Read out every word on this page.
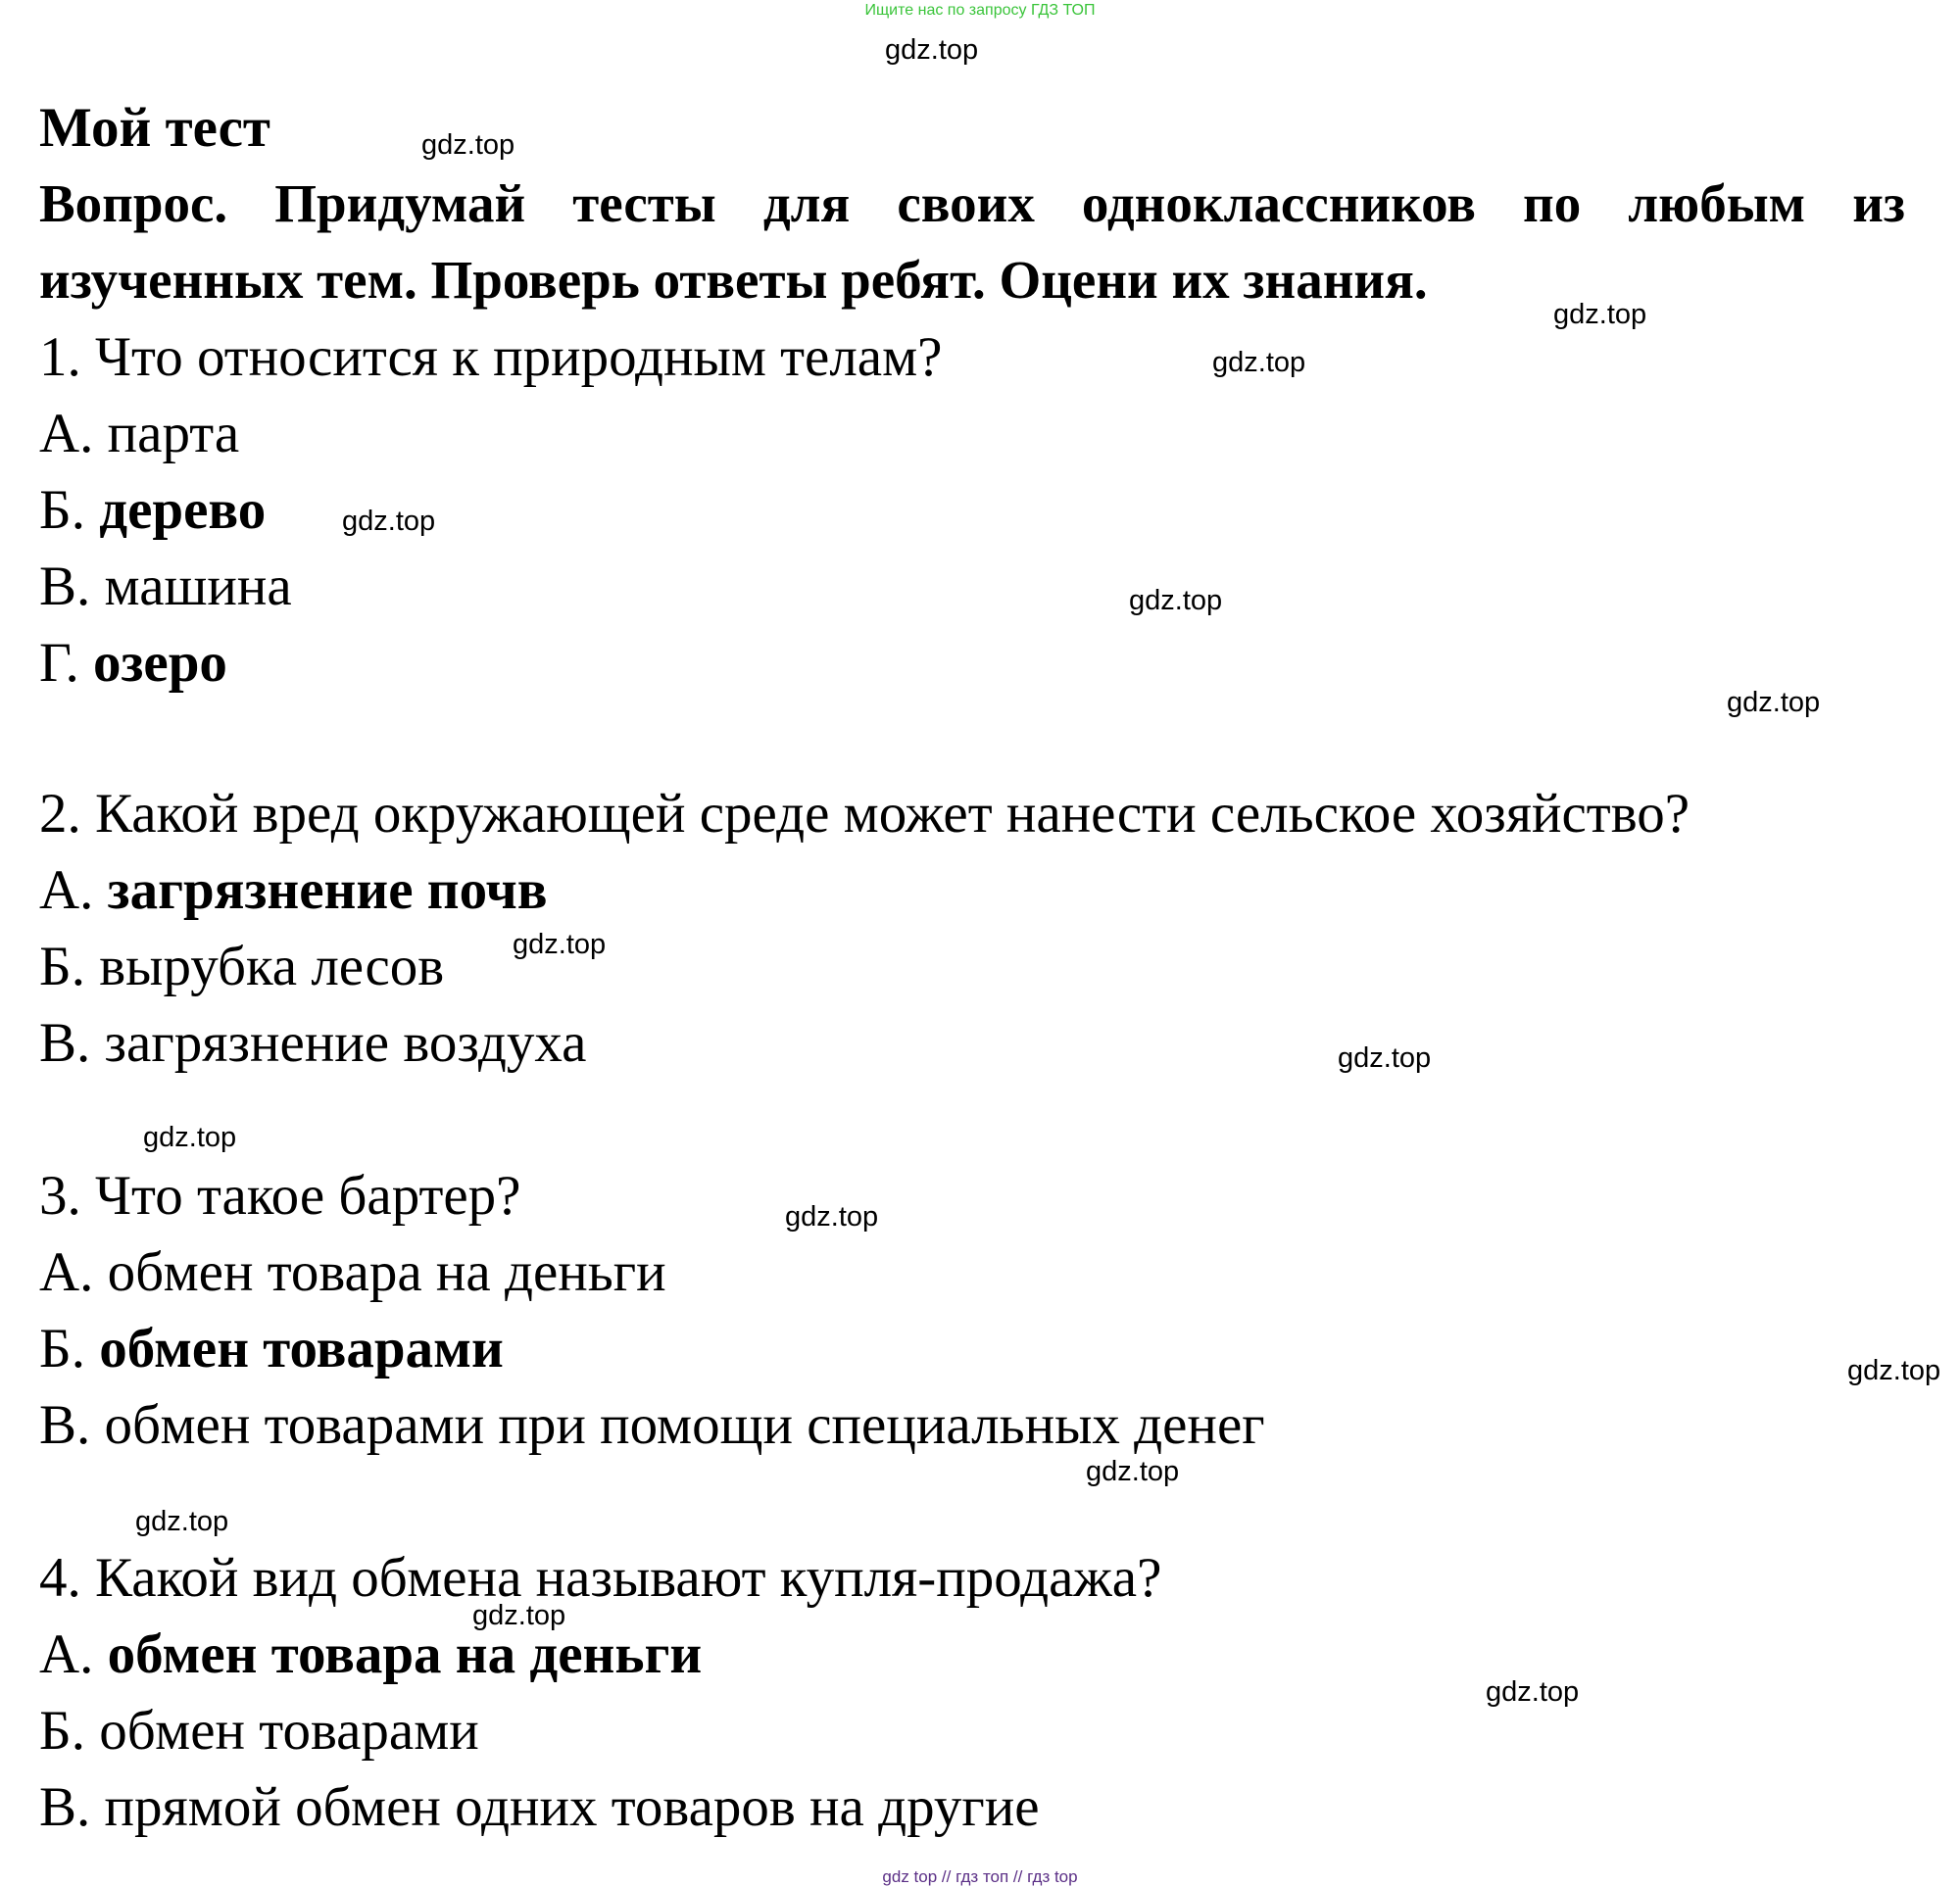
Ищите нас по запросу ГДЗ ТОП
Мой тест
Вопрос. Придумай тесты для своих одноклассников по любым из
изученных тем. Проверь ответы ребят. Оцени их знания.
1. Что относится к природным телам?
А. парта
Б. дерево
В. машина
Г. озеро
2. Какой вред окружающей среде может нанести сельское хозяйство?
А. загрязнение почв
Б. вырубка лесов
В. загрязнение воздуха
3. Что такое бартер?
А. обмен товара на деньги
Б. обмен товарами
В. обмен товарами при помощи специальных денег
4. Какой вид обмена называют купля-продажа?
А. обмен товара на деньги
Б. обмен товарами
В. прямой обмен одних товаров на другие
gdz.top
gdz.top
gdz.top
gdz.top
gdz.top
gdz.top
gdz.top
gdz.top
gdz.top
gdz.top
gdz.top
gdz.top
gdz.top
gdz.top
gdz.top
gdz.top
gdz top // гдз топ // гдз top
